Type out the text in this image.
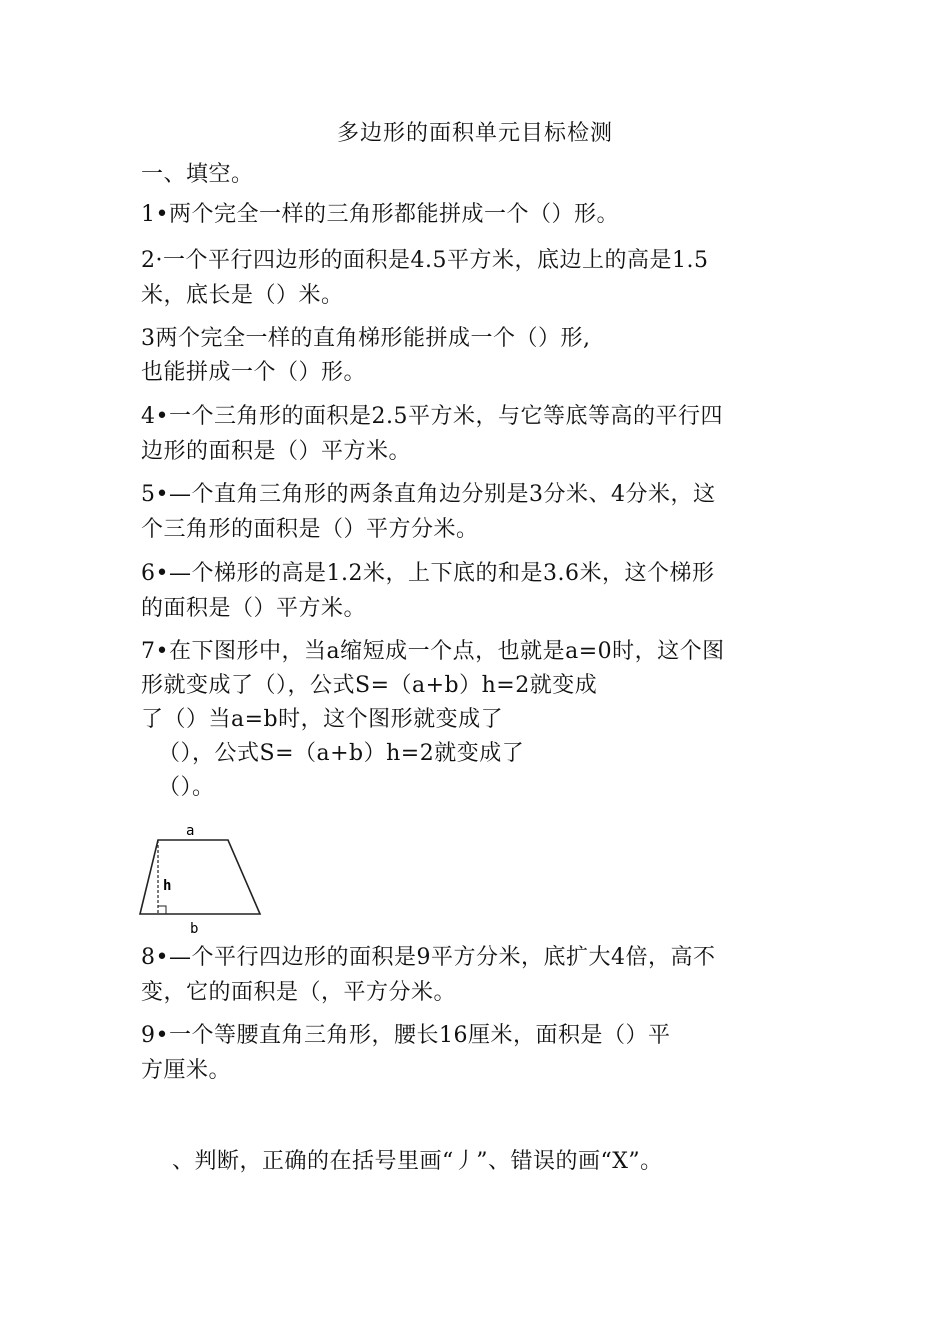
多边形的面积单元目标检测
一、填空。
1•两个完全一样的三角形都能拼成一个（）形。
2·一个平行四边形的面积是4.5平方米，底边上的高是1.5
米，底长是（）米。
3两个完全一样的直角梯形能拼成一个（）形,
也能拼成一个（）形。
4•一个三角形的面积是2.5平方米，与它等底等高的平行四
边形的面积是（）平方米。
5•—个直角三角形的两条直角边分别是3分米、4分米，这
个三角形的面积是（）平方分米。
6•—个梯形的高是1.2米，上下底的和是3.6米，这个梯形
的面积是（）平方米。
7•在下图形中，当a缩短成一个点，也就是a=0时，这个图
形就变成了（），公式S=（a+b）h=2就变成
了（）当a=b时，这个图形就变成了
（），公式S=（a+b）h=2就变成了
（）。
a
h
b
8•—个平行四边形的面积是9平方分米，底扩大4倍，高不
变，它的面积是（，平方分米。
9•一个等腰直角三角形，腰长16厘米，面积是（）平
方厘米。
、判断，正确的在括号里画“丿”、错误的画“X”。
